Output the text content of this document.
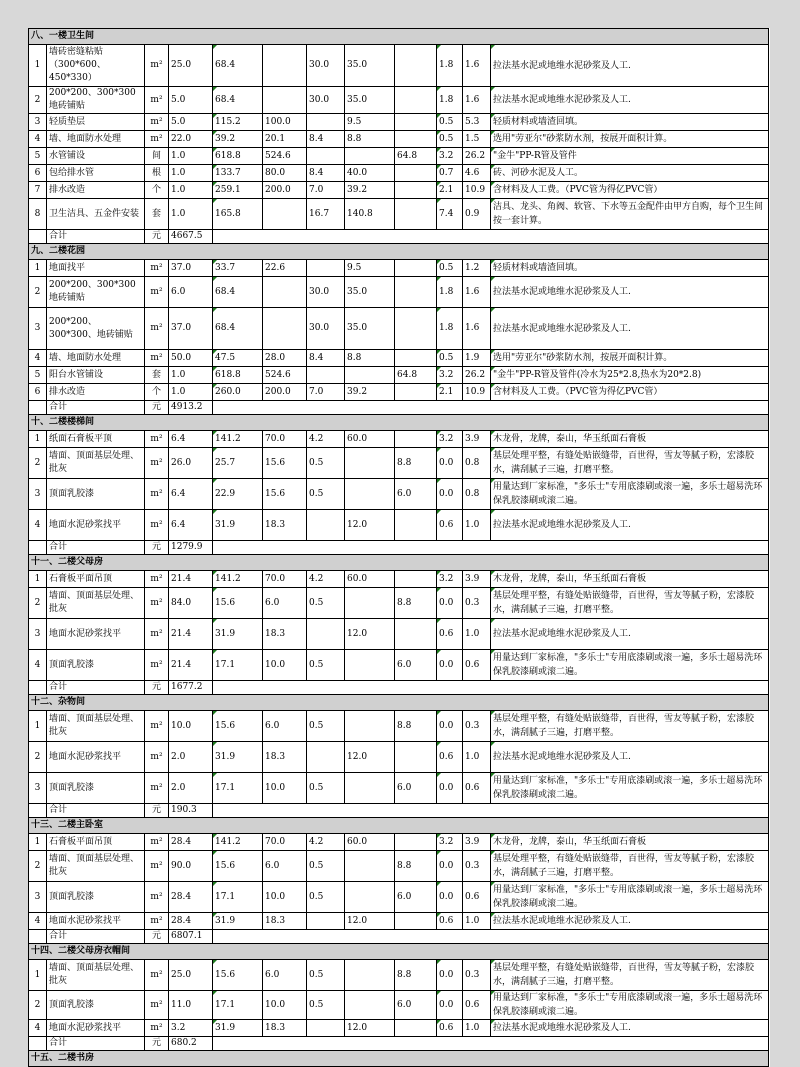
八、一楼卫生间											
1	墙砖密缝粘贴（300*600、450*330）	m²	25.0	68.4		30.0	35.0		1.8	1.6	拉法基水泥或地维水泥砂浆及人工.
2	200*200、300*300地砖铺贴	m²	5.0	68.4		30.0	35.0		1.8	1.6	拉法基水泥或地维水泥砂浆及人工.
3	轻质垫层	m²	5.0	115.2	100.0		9.5		0.5	5.3	轻质材料或墙渣回填。
4	墙、地面防水处理	m²	22.0	39.2	20.1	8.4	8.8		0.5	1.5	选用"劳亚尔"砂浆防水剂，按展开面积计算。
5	水管铺设	间	1.0	618.8	524.6			64.8	3.2	26.2	"金牛"PP-R管及管件
6	包给排水管	根	1.0	133.7	80.0	8.4	40.0		0.7	4.6	砖、河砂水泥及人工。
7	排水改造	个	1.0	259.1	200.0	7.0	39.2		2.1	10.9	含材料及人工费。（PVC管为得亿PVC管）
8	卫生洁具、五金件安装	套	1.0	165.8		16.7	140.8		7.4	0.9	洁具、龙头、角阀、软管、下水等五金配件由甲方自购，每个卫生间按一套计算。
	合计	元	4667.5								
九、二楼花园											
1	地面找平	m²	37.0	33.7	22.6		9.5		0.5	1.2	轻质材料或墙渣回填。
2	200*200、300*300地砖铺贴	m²	6.0	68.4		30.0	35.0		1.8	1.6	拉法基水泥或地维水泥砂浆及人工.
3	200*200、300*300、地砖铺贴	m²	37.0	68.4		30.0	35.0		1.8	1.6	拉法基水泥或地维水泥砂浆及人工.
4	墙、地面防水处理	m²	50.0	47.5	28.0	8.4	8.8		0.5	1.9	选用"劳亚尔"砂浆防水剂，按展开面积计算。
5	阳台水管铺设	套	1.0	618.8	524.6			64.8	3.2	26.2	"金牛"PP-R管及管件(冷水为25*2.8,热水为20*2.8)
6	排水改造	个	1.0	260.0	200.0	7.0	39.2		2.1	10.9	含材料及人工费。（PVC管为得亿PVC管）
	合计	元	4913.2								
十、二楼楼梯间											
1	纸面石膏板平顶	m²	6.4	141.2	70.0	4.2	60.0		3.2	3.9	木龙骨，龙牌，泰山，华玉纸面石膏板
2	墙面、顶面基层处理、批灰	m²	26.0	25.7	15.6	0.5		8.8	0.0	0.8	基层处理平整，有缝处贴嵌缝带，百世得，雪友等腻子粉，宏漆胶水，满刮腻子三遍，打磨平整。
3	顶面乳胶漆	m²	6.4	22.9	15.6	0.5		6.0	0.0	0.8	用量达到厂家标准，"多乐士"专用底漆刷或滚一遍，多乐士超易洗环保乳胶漆刷或滚二遍。
4	地面水泥砂浆找平	m²	6.4	31.9	18.3		12.0		0.6	1.0	拉法基水泥或地维水泥砂浆及人工.
	合计	元	1279.9								
十一、二楼父母房											
1	石膏板平面吊顶	m²	21.4	141.2	70.0	4.2	60.0		3.2	3.9	木龙骨，龙牌，泰山，华玉纸面石膏板
2	墙面、顶面基层处理、批灰	m²	84.0	15.6	6.0	0.5		8.8	0.0	0.3	基层处理平整，有缝处贴嵌缝带，百世得，雪友等腻子粉，宏漆胶水，满刮腻子三遍，打磨平整。
3	地面水泥砂浆找平	m²	21.4	31.9	18.3		12.0		0.6	1.0	拉法基水泥或地维水泥砂浆及人工.
4	顶面乳胶漆	m²	21.4	17.1	10.0	0.5		6.0	0.0	0.6	用量达到厂家标准，"多乐士"专用底漆刷或滚一遍，多乐士超易洗环保乳胶漆刷或滚二遍。
	合计	元	1677.2								
十二、杂物间											
1	墙面、顶面基层处理、批灰	m²	10.0	15.6	6.0	0.5		8.8	0.0	0.3	基层处理平整，有缝处贴嵌缝带，百世得，雪友等腻子粉，宏漆胶水，满刮腻子三遍，打磨平整。
2	地面水泥砂浆找平	m²	2.0	31.9	18.3		12.0		0.6	1.0	拉法基水泥或地维水泥砂浆及人工.
3	顶面乳胶漆	m²	2.0	17.1	10.0	0.5		6.0	0.0	0.6	用量达到厂家标准，"多乐士"专用底漆刷或滚一遍，多乐士超易洗环保乳胶漆刷或滚二遍。
	合计	元	190.3								
十三、二楼主卧室											
1	石膏板平面吊顶	m²	28.4	141.2	70.0	4.2	60.0		3.2	3.9	木龙骨，龙牌，泰山，华玉纸面石膏板
2	墙面、顶面基层处理、批灰	m²	90.0	15.6	6.0	0.5		8.8	0.0	0.3	基层处理平整，有缝处贴嵌缝带，百世得，雪友等腻子粉，宏漆胶水，满刮腻子三遍，打磨平整。
3	顶面乳胶漆	m²	28.4	17.1	10.0	0.5		6.0	0.0	0.6	用量达到厂家标准，"多乐士"专用底漆刷或滚一遍，多乐士超易洗环保乳胶漆刷或滚二遍。
4	地面水泥砂浆找平	m²	28.4	31.9	18.3		12.0		0.6	1.0	拉法基水泥或地维水泥砂浆及人工.
	合计	元	6807.1								
十四、二楼父母房衣帽间											
1	墙面、顶面基层处理、批灰	m²	25.0	15.6	6.0	0.5		8.8	0.0	0.3	基层处理平整，有缝处贴嵌缝带，百世得，雪友等腻子粉，宏漆胶水，满刮腻子三遍，打磨平整。
2	顶面乳胶漆	m²	11.0	17.1	10.0	0.5		6.0	0.0	0.6	用量达到厂家标准，"多乐士"专用底漆刷或滚一遍，多乐士超易洗环保乳胶漆刷或滚二遍。
4	地面水泥砂浆找平	m²	3.2	31.9	18.3		12.0		0.6	1.0	拉法基水泥或地维水泥砂浆及人工.
	合计	元	680.2								
十五、二楼书房											
